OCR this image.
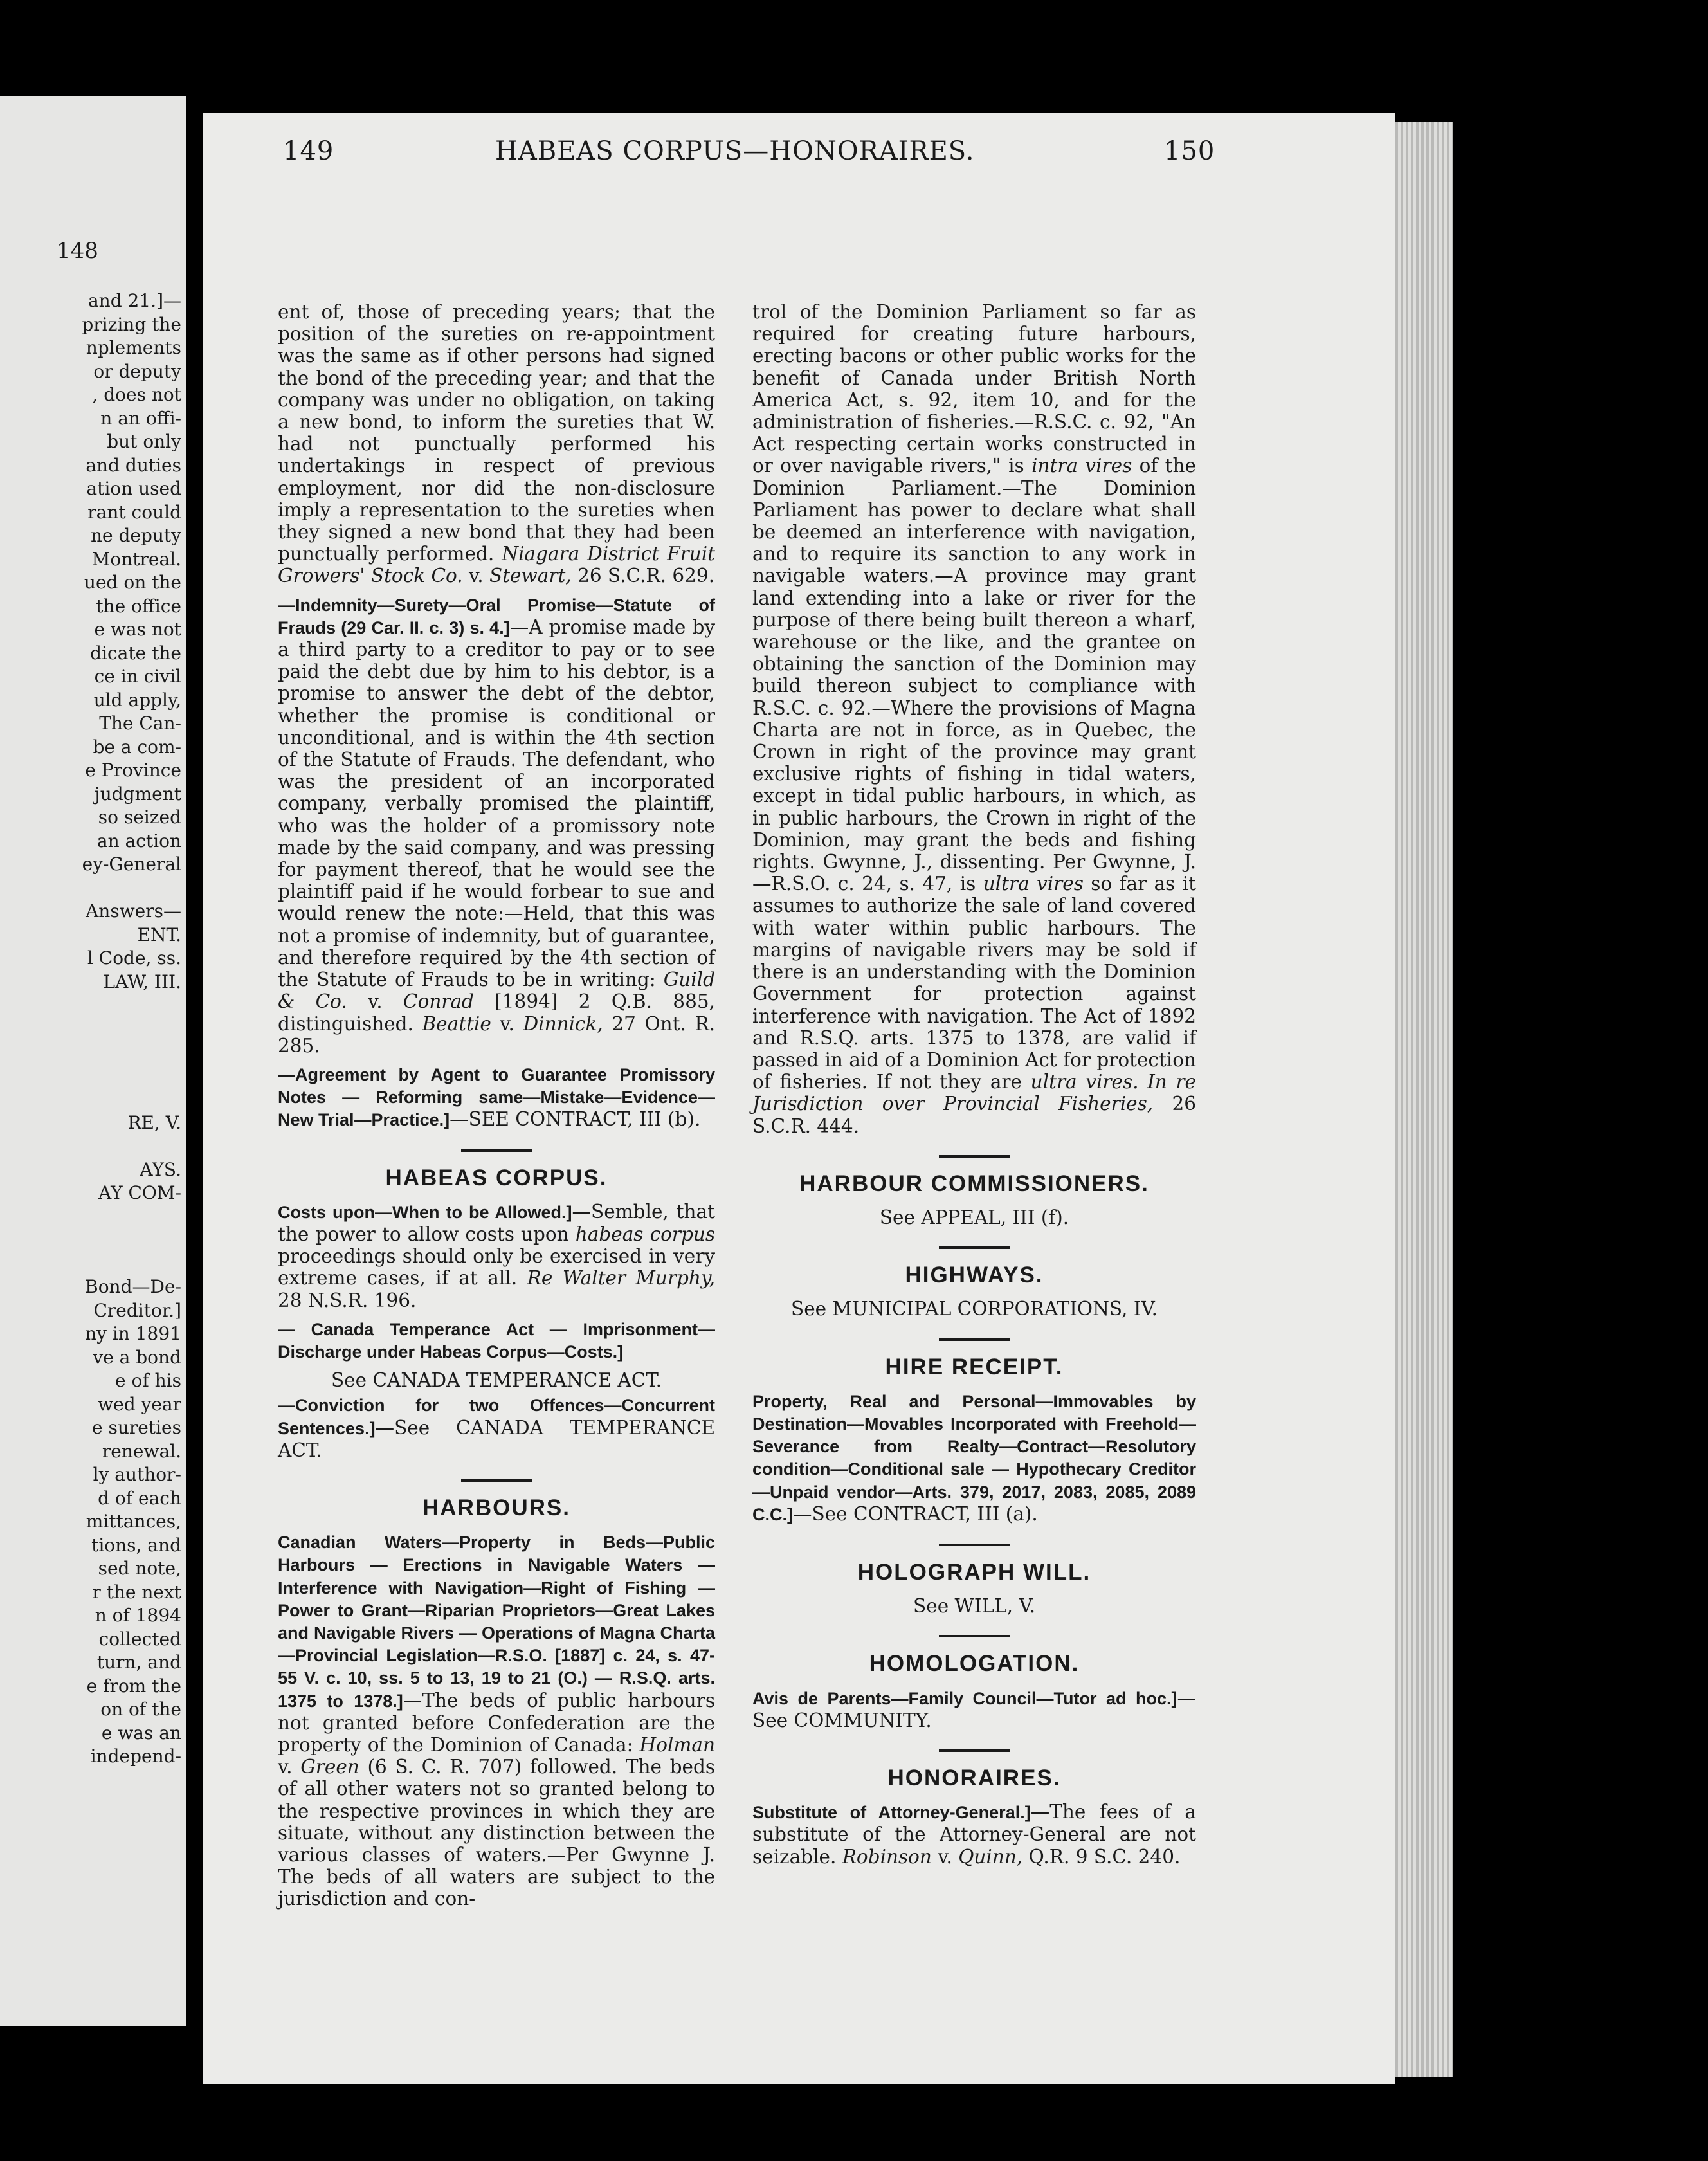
148
and 21.]—
prizing the
nplements
or deputy
, does not
n an offi-
but only
and duties
ation used
rant could
ne deputy
Montreal.
ued on the
the office
e was not
dicate the
ce in civil
uld apply,
The Can-
be a com-
e Province
judgment
so seized
an action
ey-General
Answers—
ENT.
l Code, ss.
LAW, III.
RE, V.
AYS.
AY COM-
Bond—De-
Creditor.]
ny in 1891
ve a bond
e of his
wed year
e sureties
renewal.
ly author-
d of each
mittances,
tions, and
sed note,
r the next
n of 1894
collected
turn, and
e from the
on of the
e was an
independ-
149	HABEAS CORPUS—HONORAIRES.	150

ent of, those of preceding years; that the position of the sureties on re-appointment was the same as if other persons had signed the bond of the preceding year; and that the company was under no obligation, on taking a new bond, to inform the sureties that W. had not punctually performed his undertakings in respect of previous employment, nor did the non-disclosure imply a representation to the sureties when they signed a new bond that they had been punctually performed. Niagara District Fruit Growers' Stock Co. v. Stewart, 26 S.C.R. 629.

—Indemnity—Surety—Oral Promise—Statute of Frauds (29 Car. II. c. 3) s. 4.]—A promise made by a third party to a creditor to pay or to see paid the debt due by him to his debtor, is a promise to answer the debt of the debtor, whether the promise is conditional or unconditional, and is within the 4th section of the Statute of Frauds. The defendant, who was the president of an incorporated company, verbally promised the plaintiff, who was the holder of a promissory note made by the said company, and was pressing for payment thereof, that he would see the plaintiff paid if he would forbear to sue and would renew the note:—Held, that this was not a promise of indemnity, but of guarantee, and therefore required by the 4th section of the Statute of Frauds to be in writing: Guild & Co. v. Conrad [1894] 2 Q.B. 885, distinguished. Beattie v. Dinnick, 27 Ont. R. 285.

—Agreement by Agent to Guarantee Promissory Notes — Reforming same—Mistake—Evidence—New Trial—Practice.]—SEE CONTRACT, III (b).

HABEAS CORPUS.

Costs upon—When to be Allowed.]—Semble, that the power to allow costs upon habeas corpus proceedings should only be exercised in very extreme cases, if at all. Re Walter Murphy, 28 N.S.R. 196.

— Canada Temperance Act — Imprisonment—Discharge under Habeas Corpus—Costs.]

See CANADA TEMPERANCE ACT.

—Conviction for two Offences—Concurrent Sentences.]—See CANADA TEMPERANCE ACT.

HARBOURS.

Canadian Waters—Property in Beds—Public Harbours — Erections in Navigable Waters — Interference with Navigation—Right of Fishing —Power to Grant—Riparian Proprietors—Great Lakes and Navigable Rivers — Operations of Magna Charta—Provincial Legislation—R.S.O. [1887] c. 24, s. 47-55 V. c. 10, ss. 5 to 13, 19 to 21 (O.) — R.S.Q. arts. 1375 to 1378.]—The beds of public harbours not granted before Confederation are the property of the Dominion of Canada: Holman v. Green (6 S. C. R. 707) followed. The beds of all other waters not so granted belong to the respective provinces in which they are situate, without any distinction between the various classes of waters.—Per Gwynne J. The beds of all waters are subject to the jurisdiction and con-

trol of the Dominion Parliament so far as required for creating future harbours, erecting bacons or other public works for the benefit of Canada under British North America Act, s. 92, item 10, and for the administration of fisheries.—R.S.C. c. 92, "An Act respecting certain works constructed in or over navigable rivers," is intra vires of the Dominion Parliament.—The Dominion Parliament has power to declare what shall be deemed an interference with navigation, and to require its sanction to any work in navigable waters.—A province may grant land extending into a lake or river for the purpose of there being built thereon a wharf, warehouse or the like, and the grantee on obtaining the sanction of the Dominion may build thereon subject to compliance with R.S.C. c. 92.—Where the provisions of Magna Charta are not in force, as in Quebec, the Crown in right of the province may grant exclusive rights of fishing in tidal waters, except in tidal public harbours, in which, as in public harbours, the Crown in right of the Dominion, may grant the beds and fishing rights. Gwynne, J., dissenting. Per Gwynne, J.—R.S.O. c. 24, s. 47, is ultra vires so far as it assumes to authorize the sale of land covered with water within public harbours. The margins of navigable rivers may be sold if there is an understanding with the Dominion Government for protection against interference with navigation. The Act of 1892 and R.S.Q. arts. 1375 to 1378, are valid if passed in aid of a Dominion Act for protection of fisheries. If not they are ultra vires. In re Jurisdiction over Provincial Fisheries, 26 S.C.R. 444.

HARBOUR COMMISSIONERS.
See APPEAL, III (f).
HIGHWAYS.
See MUNICIPAL CORPORATIONS, IV.
HIRE RECEIPT.

Property, Real and Personal—Immovables by Destination—Movables Incorporated with Freehold—Severance from Realty—Contract—Resolutory condition—Conditional sale — Hypothecary Creditor—Unpaid vendor—Arts. 379, 2017, 2083, 2085, 2089 C.C.]—See CONTRACT, III (a).

HOLOGRAPH WILL.
See WILL, V.
HOMOLOGATION.

Avis de Parents—Family Council—Tutor ad hoc.]—See COMMUNITY.

HONORAIRES.

Substitute of Attorney-General.]—The fees of a substitute of the Attorney-General are not seizable. Robinson v. Quinn, Q.R. 9 S.C. 240.
